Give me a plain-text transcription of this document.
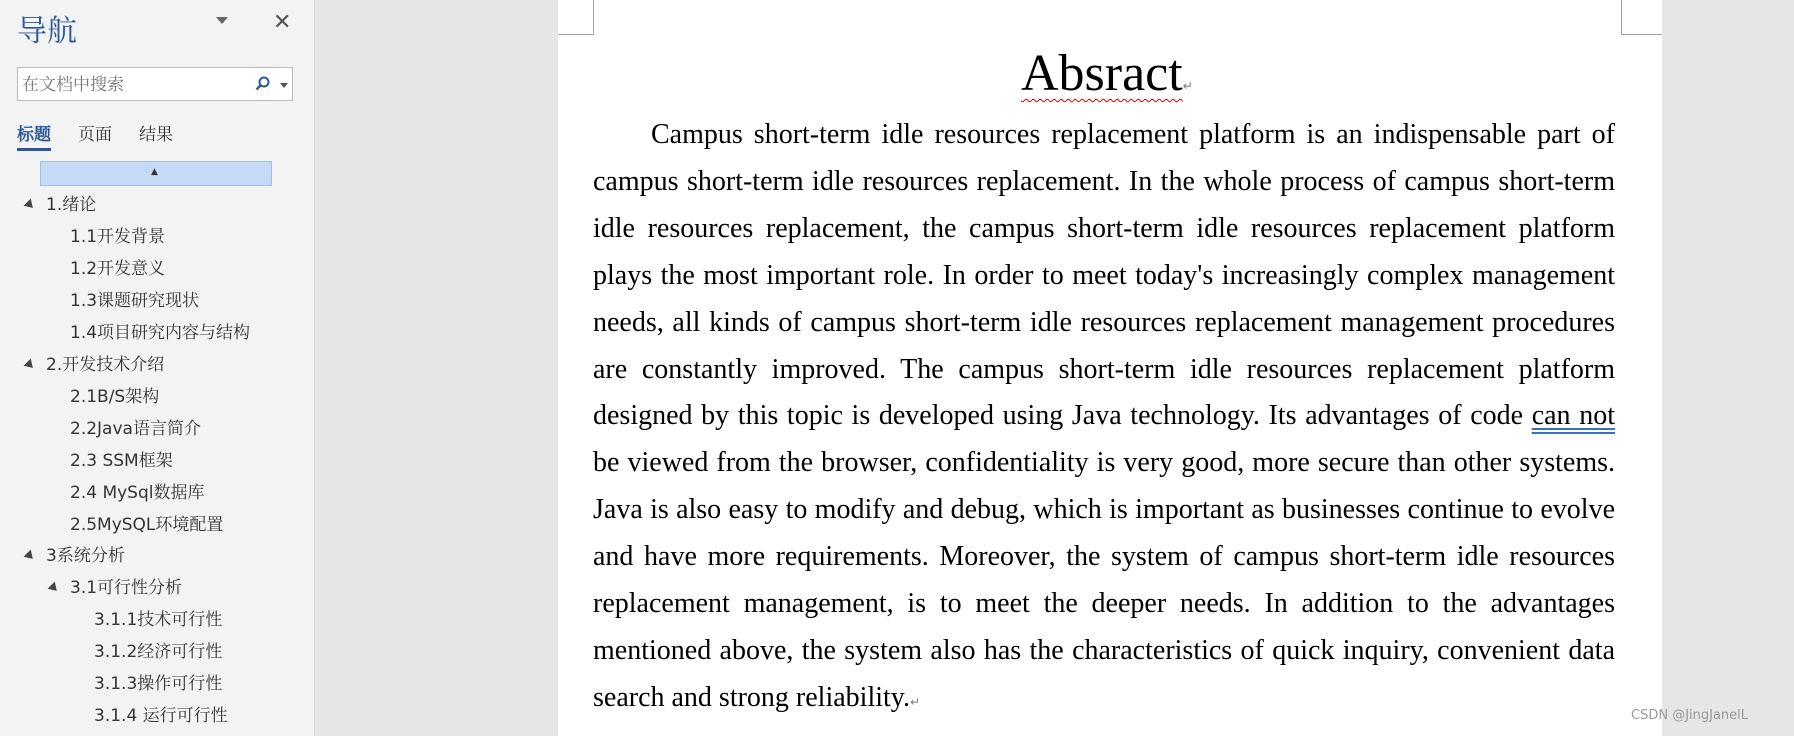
导航	✕
在文档中搜索
标题 页面 结果
▲
1.绪论
1.1开发背景
1.2开发意义
1.3课题研究现状
1.4项目研究内容与结构
2.开发技术介绍
2.1B/S架构
2.2Java语言简介
2.3 SSM框架
2.4 MySql数据库
2.5MySQL环境配置
3系统分析
3.1可行性分析
3.1.1技术可行性
3.1.2经济可行性
3.1.3操作可行性
3.1.4 运行可行性
Absract↵
Campus short-term idle resources replacement platform is an indispensable part of campus short-term idle resources replacement. In the whole process of campus short-term idle resources replacement, the campus short-term idle resources replacement platform plays the most important role. In order to meet today's increasingly complex management needs, all kinds of campus short-term idle resources replacement management procedures are constantly improved. The campus short-term idle resources replacement platform designed by this topic is developed using Java technology. Its advantages of code can not be viewed from the browser, confidentiality is very good, more secure than other systems. Java is also easy to modify and debug, which is important as businesses continue to evolve and have more requirements. Moreover, the system of campus short-term idle resources replacement management, is to meet the deeper needs. In addition to the advantages mentioned above, the system also has the characteristics of quick inquiry, convenient data search and strong reliability.↵
CSDN @JingJanelL
